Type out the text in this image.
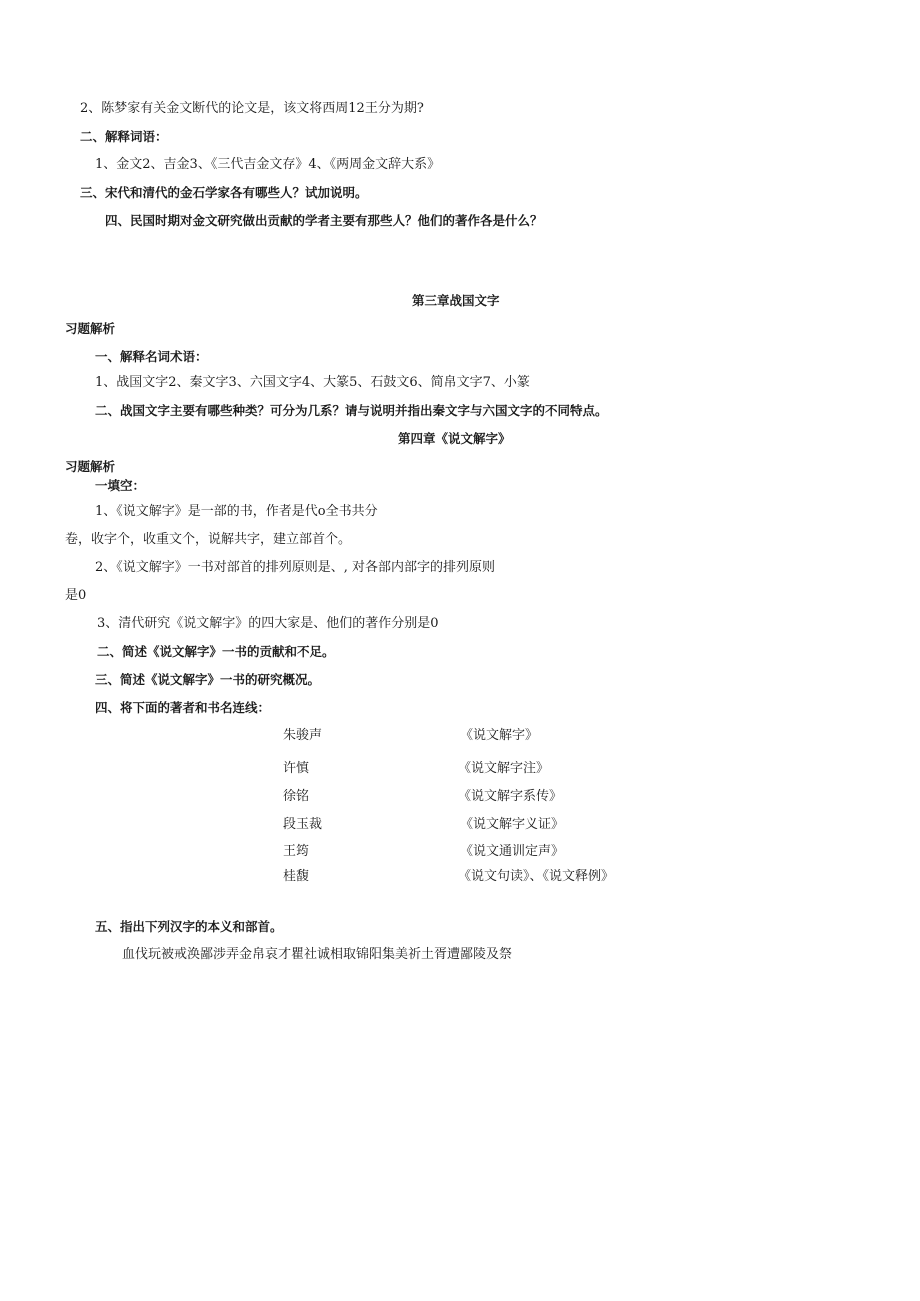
2、陈梦家有关金文断代的论文是，该文将西周12王分为期?
二、解释词语：
1、金文2、吉金3、《三代吉金文存》4、《两周金文辞大系》
三、宋代和清代的金石学家各有哪些人？试加说明。
四、民国时期对金文研究做出贡献的学者主要有那些人？他们的著作各是什么？
第三章战国文字
习题解析
一、解释名词术语：
1、战国文字2、秦文字3、六国文字4、大篆5、石鼓文6、简帛文字7、小篆
二、战国文字主要有哪些种类？可分为几系？请与说明并指出秦文字与六国文字的不同特点。
第四章《说文解字》
习题解析
一填空：
1、《说文解字》是一部的书，作者是代o全书共分
卷，收字个，收重文个，说解共字，建立部首个。
2、《说文解字》一书对部首的排列原则是、, 对各部内部字的排列原则
是0
3、清代研究《说文解字》的四大家是、他们的著作分别是0
二、简述《说文解字》一书的贡献和不足。
三、简述《说文解字》一书的研究概况。
四、将下面的著者和书名连线：
朱骏声	《说文解字》
许慎	《说文解字注》
徐铭	《说文解字系传》
段玉裁	《说文解字义证》
王筠	《说文通训定声》
桂馥	《说文句读》、《说文释例》
五、指出下列汉字的本义和部首。
血伐玩被戒涣鄙涉弄金帛哀才瞿社诚相取锦阳集美祈土胥遭鄙陵及祭
